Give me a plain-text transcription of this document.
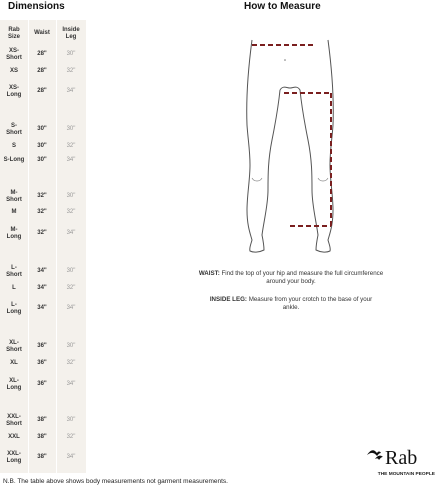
Dimensions	How to Measure
Rab
Size
Waist	Inside
Leg
XS-
Short
28"	30"
XS	28"	32"
XS-
Long
28"	34"
S-
Short
30"	30"
S	30"	32"
S-Long	30"	34"
M-
Short
32"	30"
M	32"	32"
M-
Long
32"	34"
L-
Short
34"	30"
L	34"	32"
L-
Long
34"	34"
XL-
Short
36"	30"
XL	36"	32"
XL-
Long
36"	34"
XXL-
Short
38"	30"
XXL	38"	32"
XXL-
Long
38"	34"
WAIST: Find the top of your hip and measure the full circumference around your body.
INSIDE LEG: Measure from your crotch to the base of your ankle.
Rab
THE MOUNTAIN PEOPLE
N.B. The table above shows body measurements not garment measurements.
